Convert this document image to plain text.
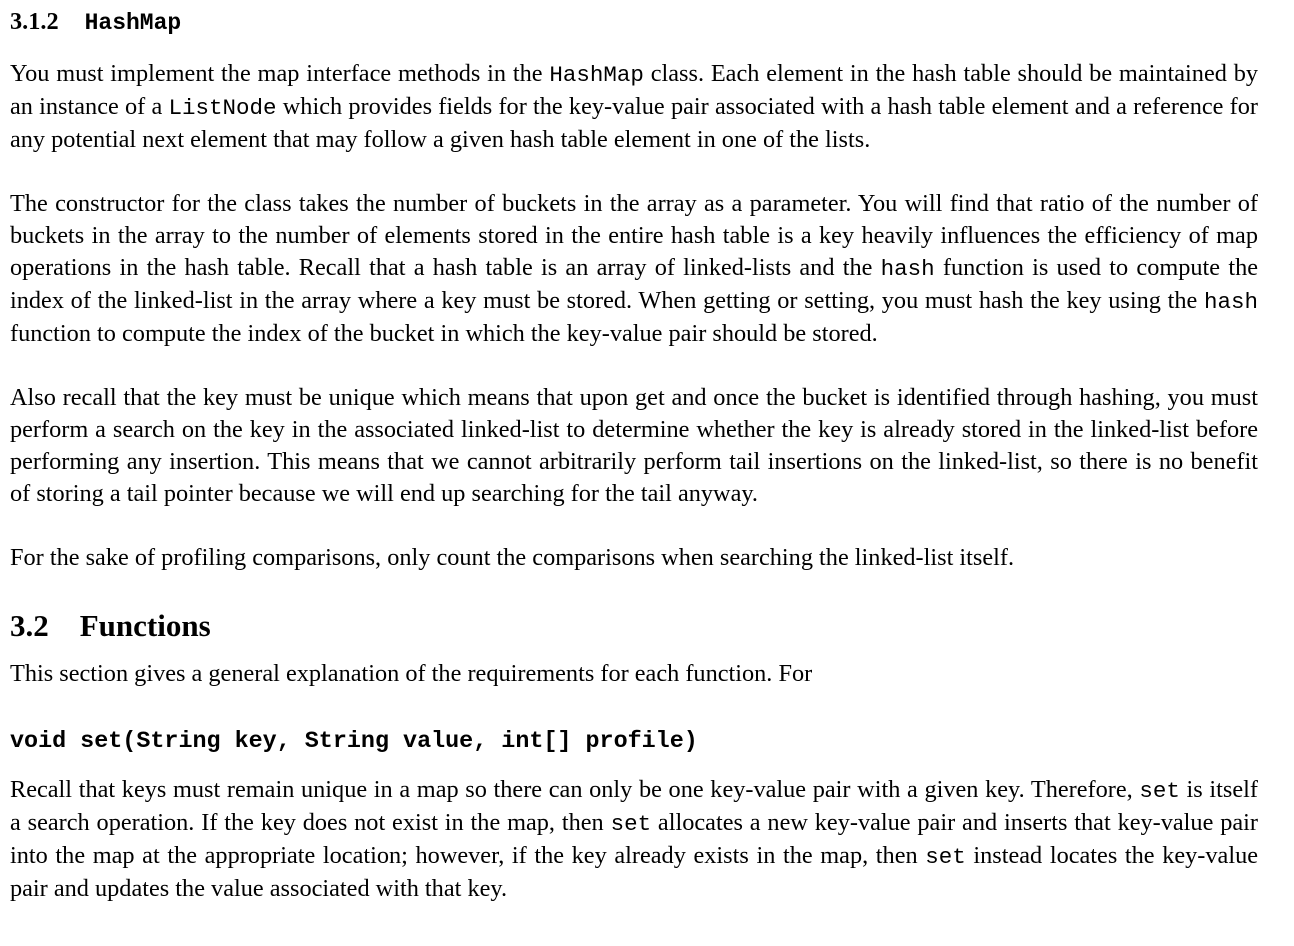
3.1.2 HashMap

You must implement the map interface methods in the HashMap class. Each element in the hash table should be maintained by an instance of a ListNode which provides fields for the key-value pair associated with a hash table element and a reference for any potential next element that may follow a given hash table element in one of the lists.

The constructor for the class takes the number of buckets in the array as a parameter. You will find that ratio of the number of buckets in the array to the number of elements stored in the entire hash table is a key heavily influences the efficiency of map operations in the hash table. Recall that a hash table is an array of linked-lists and the hash function is used to compute the index of the linked-list in the array where a key must be stored. When getting or setting, you must hash the key using the hash function to compute the index of the bucket in which the key-value pair should be stored.

Also recall that the key must be unique which means that upon get and once the bucket is identified through hashing, you must perform a search on the key in the associated linked-list to determine whether the key is already stored in the linked-list before performing any insertion. This means that we cannot arbitrarily perform tail insertions on the linked-list, so there is no benefit of storing a tail pointer because we will end up searching for the tail anyway.

For the sake of profiling comparisons, only count the comparisons when searching the linked-list itself.

3.2 Functions

This section gives a general explanation of the requirements for each function. For

void set(String key, String value, int[] profile)

Recall that keys must remain unique in a map so there can only be one key-value pair with a given key. Therefore, set is itself a search operation. If the key does not exist in the map, then set allocates a new key-value pair and inserts that key-value pair into the map at the appropriate location; however, if the key already exists in the map, then set instead locates the key-value pair and updates the value associated with that key.
